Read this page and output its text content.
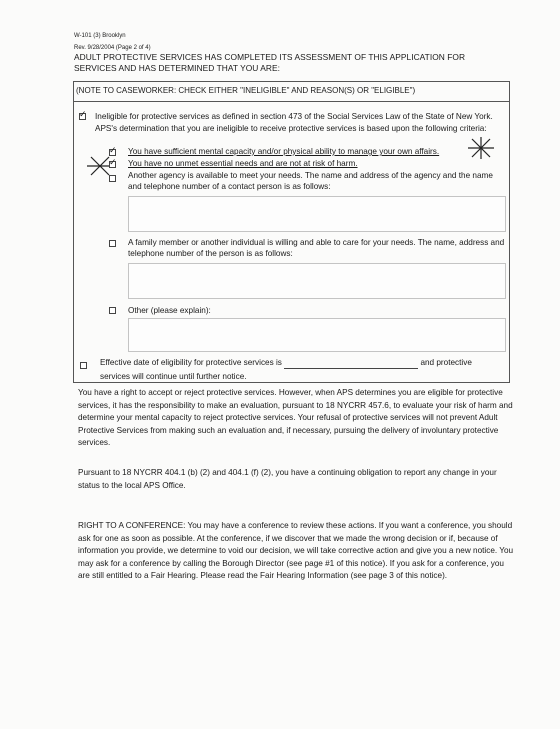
W-101 (3) Brooklyn
Rev. 9/28/2004 (Page 2 of 4)
ADULT PROTECTIVE SERVICES HAS COMPLETED ITS ASSESSMENT OF THIS APPLICATION FOR SERVICES AND HAS DETERMINED THAT YOU ARE:
(NOTE TO CASEWORKER: CHECK EITHER "INELIGIBLE" AND REASON(S) OR "ELIGIBLE")
✓ Ineligible for protective services as defined in section 473 of the Social Services Law of the State of New York. APS's determination that you are ineligible to receive protective services is based upon the following criteria:
✓ You have sufficient mental capacity and/or physical ability to manage your own affairs.
✓ You have no unmet essential needs and are not at risk of harm.
Another agency is available to meet your needs. The name and address of the agency and the name and telephone number of a contact person is as follows:
A family member or another individual is willing and able to care for your needs. The name, address and telephone number of the person is as follows:
Other (please explain):
Effective date of eligibility for protective services is	and protective
services will continue until further notice.
You have a right to accept or reject protective services. However, when APS determines you are eligible for protective services, it has the responsibility to make an evaluation, pursuant to 18 NYCRR 457.6, to evaluate your risk of harm and determine your mental capacity to reject protective services. Your refusal of protective services will not prevent Adult Protective Services from making such an evaluation and, if necessary, pursuing the delivery of involuntary protective services.
Pursuant to 18 NYCRR 404.1 (b) (2) and 404.1 (f) (2), you have a continuing obligation to report any change in your status to the local APS Office.
RIGHT TO A CONFERENCE: You may have a conference to review these actions. If you want a conference, you should ask for one as soon as possible. At the conference, if we discover that we made the wrong decision or if, because of information you provide, we determine to void our decision, we will take corrective action and give you a new notice. You may ask for a conference by calling the Borough Director (see page #1 of this notice). If you ask for a conference, you are still entitled to a Fair Hearing. Please read the Fair Hearing Information (see page 3 of this notice).
